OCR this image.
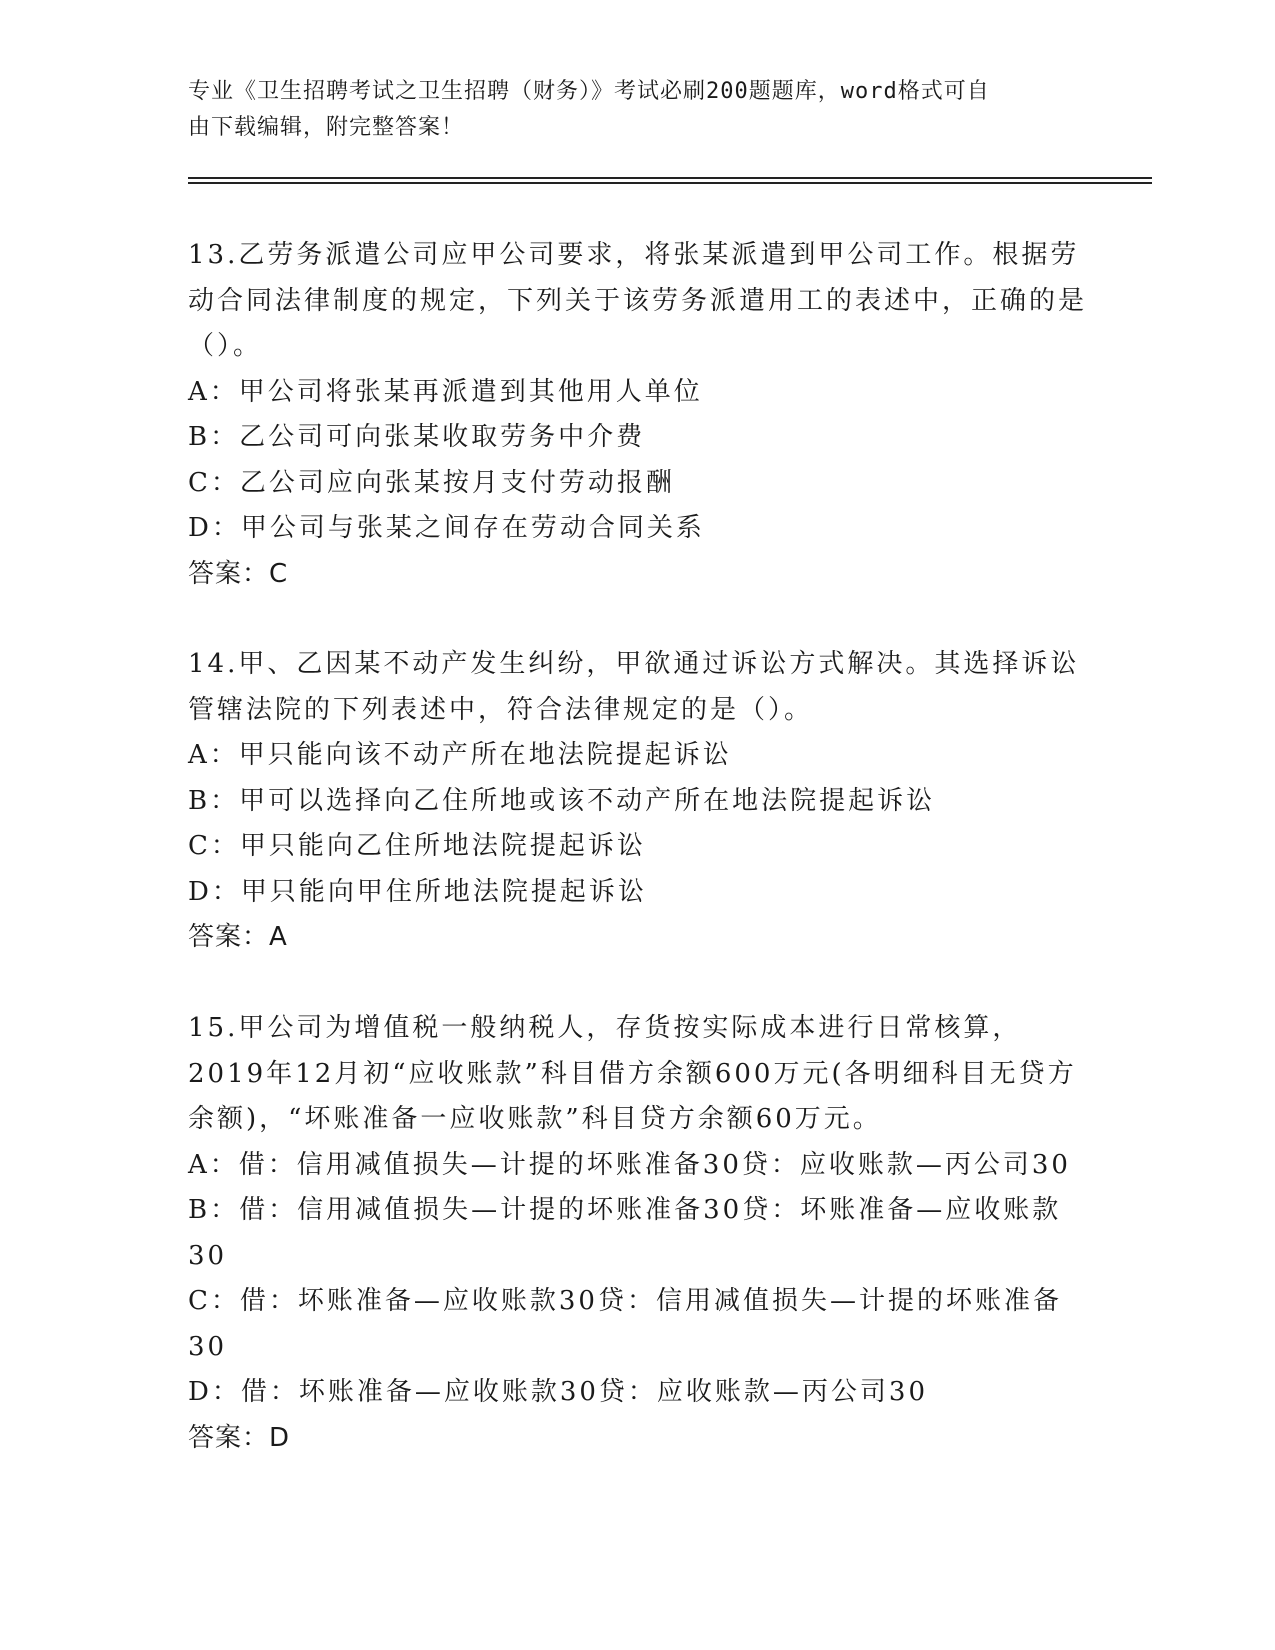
专业《卫生招聘考试之卫生招聘（财务）》考试必刷200题题库，word格式可自
由下载编辑，附完整答案！

13.乙劳务派遣公司应甲公司要求，将张某派遣到甲公司工作。根据劳动合同法律制度的规定，下列关于该劳务派遣用工的表述中，正确的是（）。

A：甲公司将张某再派遣到其他用人单位

B：乙公司可向张某收取劳务中介费

C：乙公司应向张某按月支付劳动报酬

D：甲公司与张某之间存在劳动合同关系

答案：C

14.甲、乙因某不动产发生纠纷，甲欲通过诉讼方式解决。其选择诉讼管辖法院的下列表述中，符合法律规定的是（）。

A：甲只能向该不动产所在地法院提起诉讼

B：甲可以选择向乙住所地或该不动产所在地法院提起诉讼

C：甲只能向乙住所地法院提起诉讼

D：甲只能向甲住所地法院提起诉讼

答案：A

15.甲公司为增值税一般纳税人，存货按实际成本进行日常核算，2019年12月初“应收账款”科目借方余额600万元(各明细科目无贷方余额)，“坏账准备一应收账款”科目贷方余额60万元。

A：借：信用减值损失—计提的坏账准备30贷：应收账款—丙公司30

B：借：信用减值损失—计提的坏账准备30贷：坏账准备—应收账款30

C：借：坏账准备—应收账款30贷：信用减值损失—计提的坏账准备30

D：借：坏账准备—应收账款30贷：应收账款—丙公司30

答案：D
